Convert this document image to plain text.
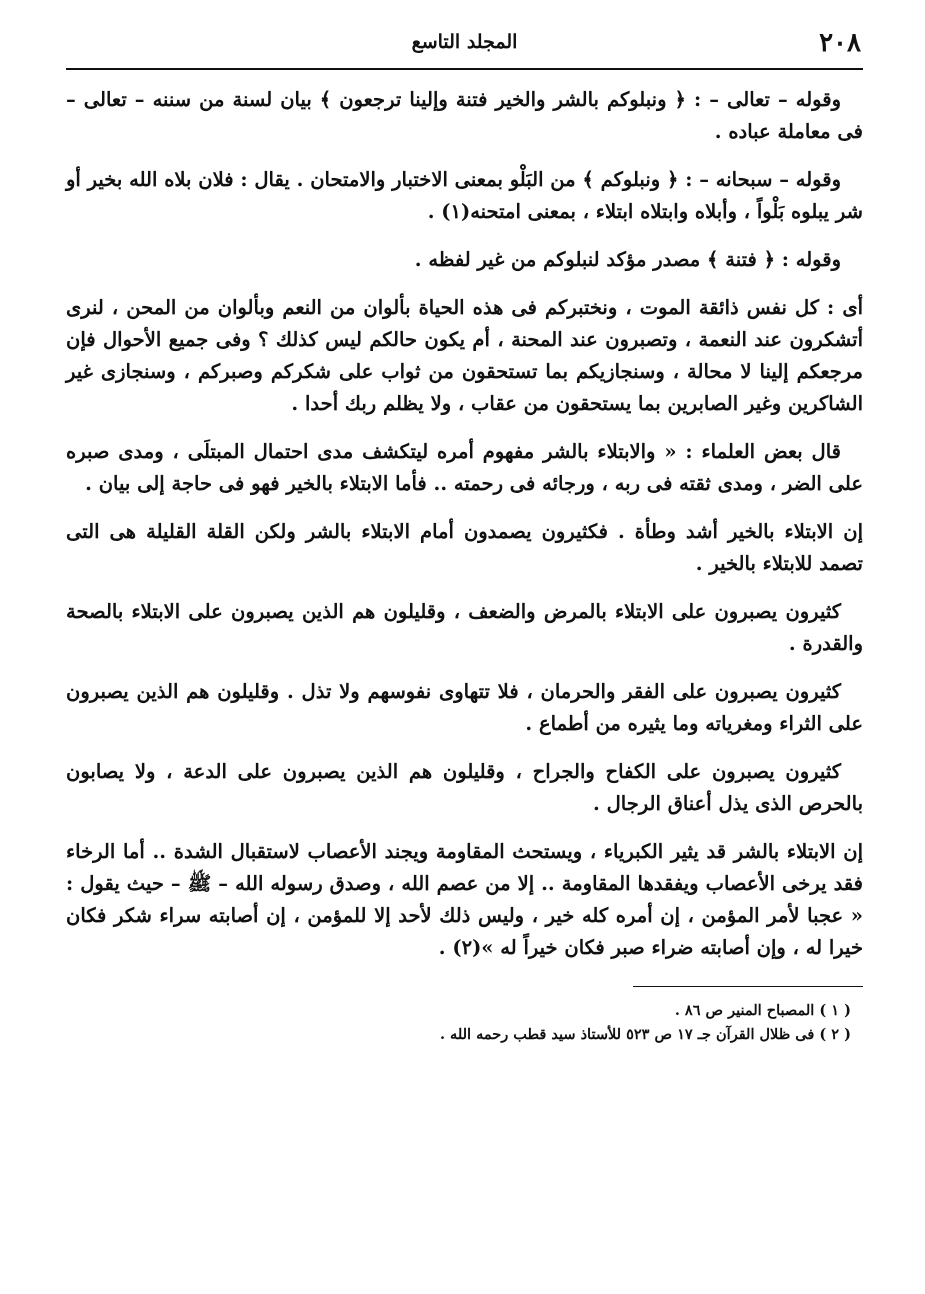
٢٠٨
المجلد التاسع

وقوله – تعالى – : ﴿ ونبلوكم بالشر والخير فتنة وإلينا ترجعون ﴾ بيان لسنة من سننه – تعالى – فى معاملة عباده .

وقوله – سبحانه – : ﴿ ونبلوكم ﴾ من البَلْو بمعنى الاختبار والامتحان . يقال : فلان بلاه الله بخير أو شر يبلوه بَلْواً ، وأبلاه وابتلاه ابتلاء ، بمعنى امتحنه(١) .

وقوله : ﴿ فتنة ﴾ مصدر مؤكد لنبلوكم من غير لفظه .

أى : كل نفس ذائقة الموت ، ونختبركم فى هذه الحياة بألوان من النعم وبألوان من المحن ، لنرى أتشكرون عند النعمة ، وتصبرون عند المحنة ، أم يكون حالكم ليس كذلك ؟ وفى جميع الأحوال فإن مرجعكم إلينا لا محالة ، وسنجازيكم بما تستحقون من ثواب على شكركم وصبركم ، وسنجازى غير الشاكرين وغير الصابرين بما يستحقون من عقاب ، ولا يظلم ربك أحدا .

قال بعض العلماء : « والابتلاء بالشر مفهوم أمره ليتكشف مدى احتمال المبتلَى ، ومدى صبره على الضر ، ومدى ثقته فى ربه ، ورجائه فى رحمته .. فأما الابتلاء بالخير فهو فى حاجة إلى بيان .

إن الابتلاء بالخير أشد وطأة . فكثيرون يصمدون أمام الابتلاء بالشر ولكن القلة القليلة هى التى تصمد للابتلاء بالخير .

كثيرون يصبرون على الابتلاء بالمرض والضعف ، وقليلون هم الذين يصبرون على الابتلاء بالصحة والقدرة .

كثيرون يصبرون على الفقر والحرمان ، فلا تتهاوى نفوسهم ولا تذل . وقليلون هم الذين يصبرون على الثراء ومغرياته وما يثيره من أطماع .

كثيرون يصبرون على الكفاح والجراح ، وقليلون هم الذين يصبرون على الدعة ، ولا يصابون بالحرص الذى يذل أعناق الرجال .

إن الابتلاء بالشر قد يثير الكبرياء ، ويستحث المقاومة ويجند الأعصاب لاستقبال الشدة .. أما الرخاء فقد يرخى الأعصاب ويفقدها المقاومة .. إلا من عصم الله ، وصدق رسوله الله – ﷺ – حيث يقول : « عجبا لأمر المؤمن ، إن أمره كله خير ، وليس ذلك لأحد إلا للمؤمن ، إن أصابته سراء شكر فكان خيرا له ، وإن أصابته ضراء صبر فكان خيراً له »(٢) .

( ١ ) المصباح المنير ص ٨٦ .

( ٢ ) فى ظلال القرآن جـ ١٧ ص ٥٢٣ للأستاذ سيد قطب رحمه الله .
